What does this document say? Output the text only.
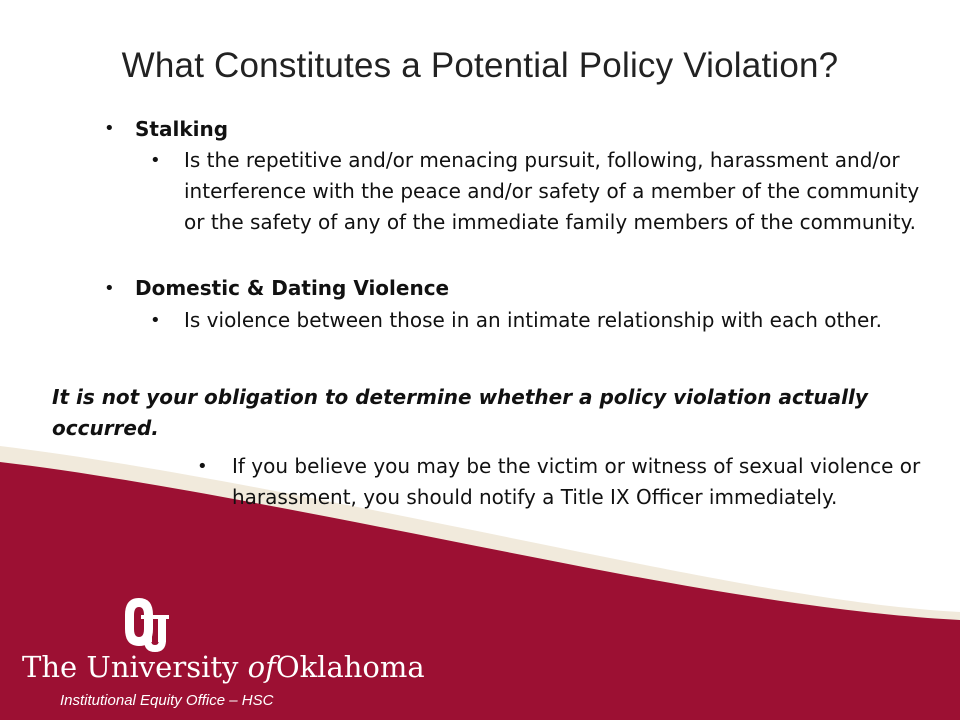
What Constitutes a Potential Policy Violation?
• Stalking
• Is the repetitive and/or menacing pursuit, following, harassment and/or interference with the peace and/or safety of a member of the community or the safety of any of the immediate family members of the community.
• Domestic & Dating Violence
• Is violence between those in an intimate relationship with each other.
It is not your obligation to determine whether a policy violation actually occurred.
• If you believe you may be the victim or witness of sexual violence or harassment, you should notify a Title IX Officer immediately.
The University ofOklahoma
Institutional Equity Office – HSC
